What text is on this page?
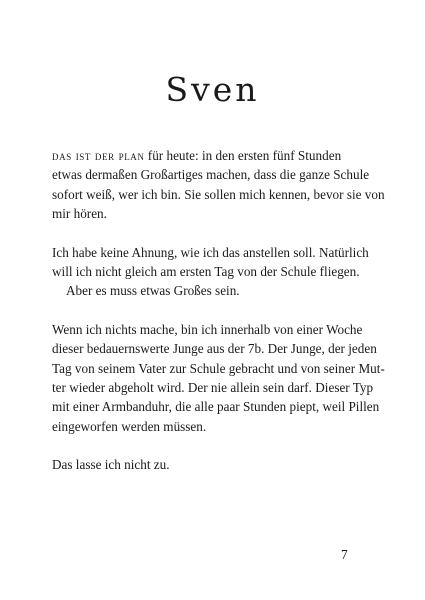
Sven

das ist der plan für heute: in den ersten fünf Stunden
etwas dermaßen Großartiges machen, dass die ganze Schule
sofort weiß, wer ich bin. Sie sollen mich kennen, bevor sie von
mir hören.

Ich habe keine Ahnung, wie ich das anstellen soll. Natürlich
will ich nicht gleich am ersten Tag von der Schule fliegen.
Aber es muss etwas Großes sein.

Wenn ich nichts mache, bin ich innerhalb von einer Woche
dieser bedauernswerte Junge aus der 7b. Der Junge, der jeden
Tag von seinem Vater zur Schule gebracht und von seiner Mut-
ter wieder abgeholt wird. Der nie allein sein darf. Dieser Typ
mit einer Armbanduhr, die alle paar Stunden piept, weil Pillen
eingeworfen werden müssen.

Das lasse ich nicht zu.

7
